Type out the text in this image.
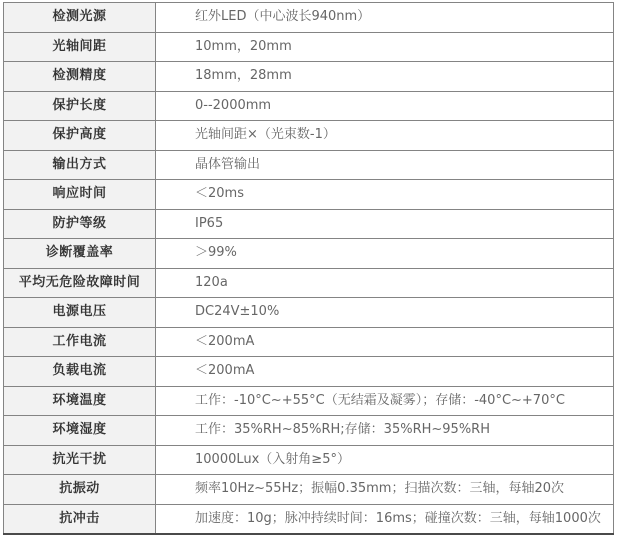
检测光源	红外LED（中心波长940nm）
光轴间距	10mm，20mm
检测精度	18mm，28mm
保护长度	0--2000mm
保护高度	光轴间距×（光束数-1）
输出方式	晶体管输出
响应时间	＜20ms
防护等级	IP65
诊断覆盖率	＞99%
平均无危险故障时间	120a
电源电压	DC24V±10%
工作电流	＜200mA
负载电流	＜200mA
环境温度	工作：-10°C~+55°C（无结霜及凝雾）；存储：-40°C~+70°C
环境湿度	工作：35%RH~85%RH;存储：35%RH~95%RH
抗光干扰	10000Lux（入射角≥5°）
抗振动	频率10Hz~55Hz；振幅0.35mm；扫描次数：三轴，每轴20次
抗冲击	加速度：10g；脉冲持续时间：16ms；碰撞次数：三轴，每轴1000次
